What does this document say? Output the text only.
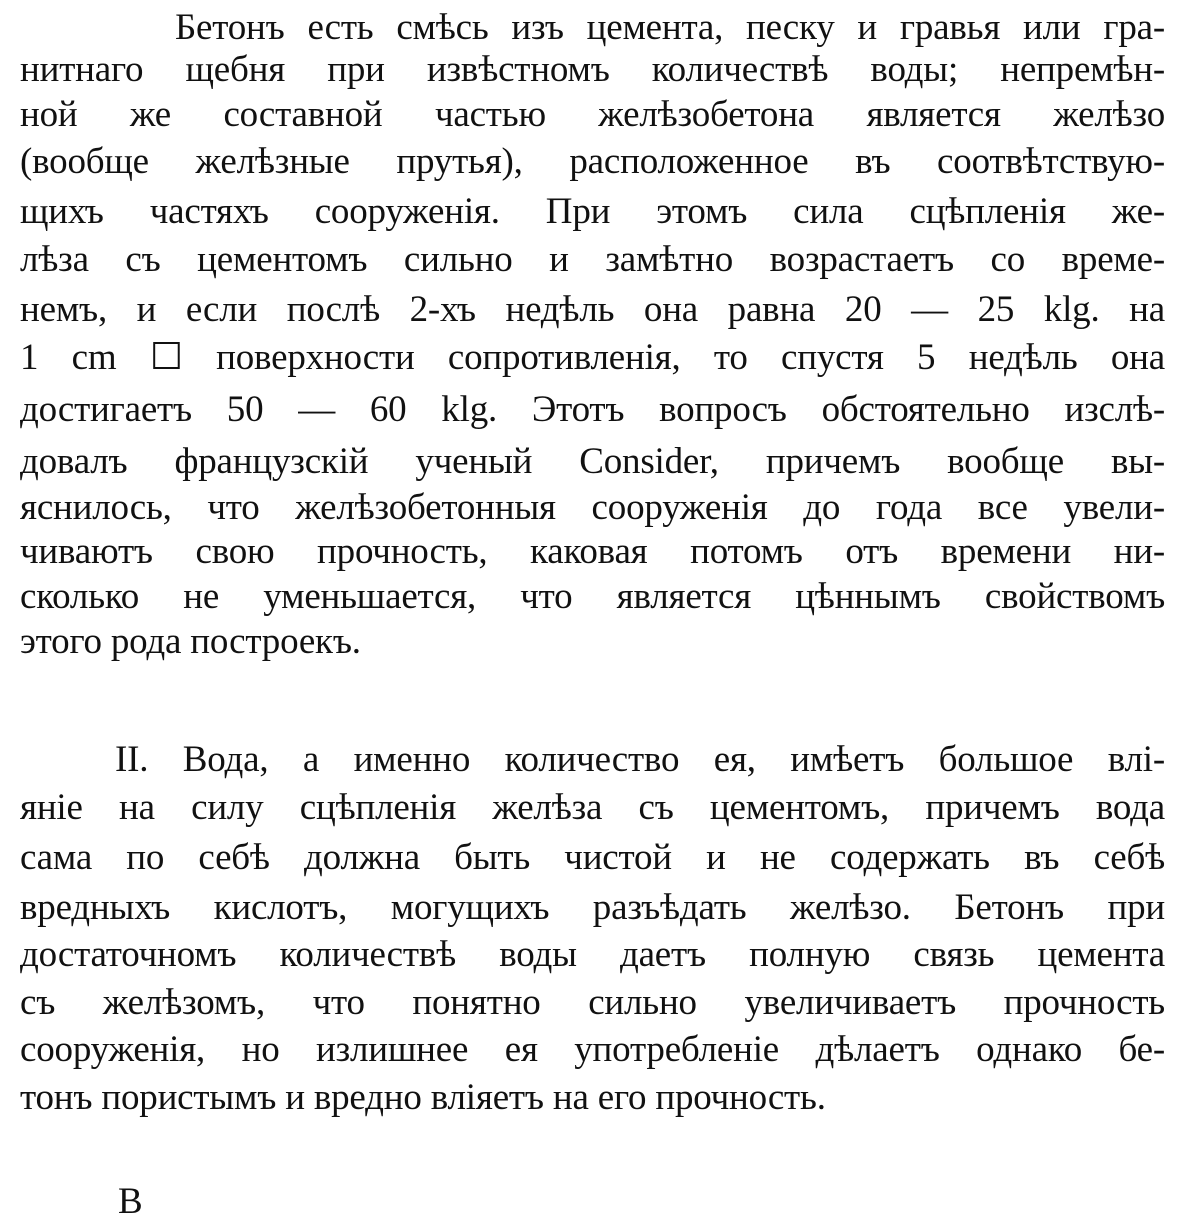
Бетонъ есть смѣсь изъ цемента, песку и гравья или гра-
нитнаго щебня при извѣстномъ количествѣ воды; непремѣн-
ной же составной частью желѣзобетона является желѣзо
(вообще желѣзные прутья), расположенное въ соотвѣтствую-
щихъ частяхъ сооруженія. При этомъ сила сцѣпленія же-
лѣза съ цементомъ сильно и замѣтно возрастаетъ со време-
немъ, и если послѣ 2-хъ недѣль она равна 20 — 25 klg. на
1 cm ☐ поверхности сопротивленія, то спустя 5 недѣль она
достигаетъ 50 — 60 klg. Этотъ вопросъ обстоятельно изслѣ-
довалъ французскій ученый Consider, причемъ вообще вы-
яснилось, что желѣзобетонныя сооруженія до года все увели-
чиваютъ свою прочность, каковая потомъ отъ времени ни-
сколько не уменьшается, что является цѣннымъ свойствомъ
этого рода построекъ.
II. Вода, а именно количество ея, имѣетъ большое влі-
яніе на силу сцѣпленія желѣза съ цементомъ, причемъ вода
сама по себѣ должна быть чистой и не содержать въ себѣ
вредныхъ кислотъ, могущихъ разъѣдать желѣзо. Бетонъ при
достаточномъ количествѣ воды даетъ полную связь цемента
съ желѣзомъ, что понятно сильно увеличиваетъ прочность
сооруженія, но излишнее ея употребленіе дѣлаетъ однако бе-
тонъ пористымъ и вредно вліяетъ на его прочность.
В
